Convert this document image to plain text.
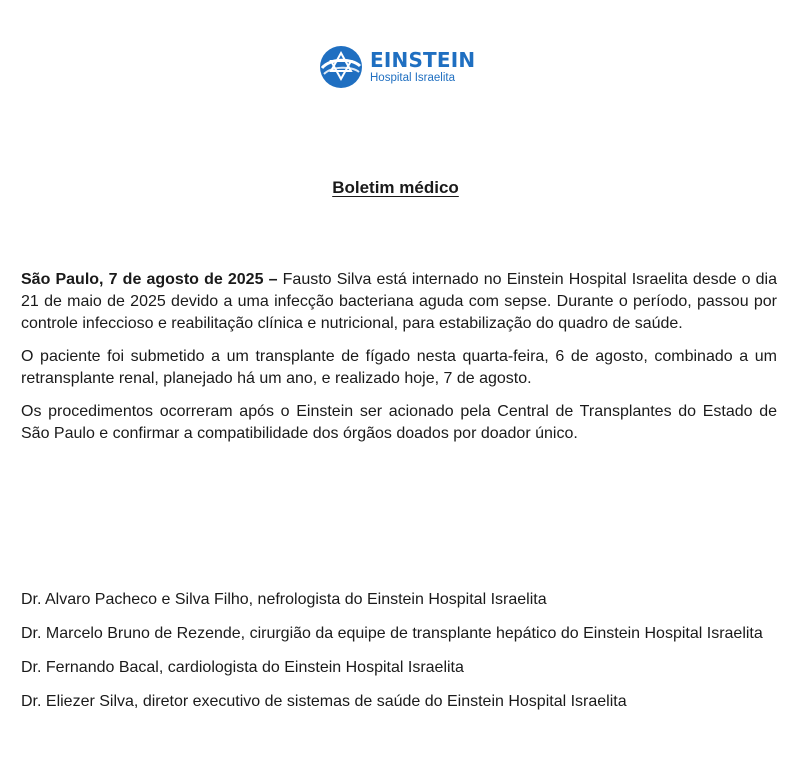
EINSTEIN
Hospital Israelita
Boletim médico

São Paulo, 7 de agosto de 2025 – Fausto Silva está internado no Einstein Hospital Israelita desde o dia 21 de maio de 2025 devido a uma infecção bacteriana aguda com sepse. Durante o período, passou por controle infeccioso e reabilitação clínica e nutricional, para estabilização do quadro de saúde.

O paciente foi submetido a um transplante de fígado nesta quarta-feira, 6 de agosto, combinado a um retransplante renal, planejado há um ano, e realizado hoje, 7 de agosto.

Os procedimentos ocorreram após o Einstein ser acionado pela Central de Transplantes do Estado de São Paulo e confirmar a compatibilidade dos órgãos doados por doador único.

Dr. Alvaro Pacheco e Silva Filho, nefrologista do Einstein Hospital Israelita

Dr. Marcelo Bruno de Rezende, cirurgião da equipe de transplante hepático do Einstein Hospital Israelita

Dr. Fernando Bacal, cardiologista do Einstein Hospital Israelita

Dr. Eliezer Silva, diretor executivo de sistemas de saúde do Einstein Hospital Israelita
